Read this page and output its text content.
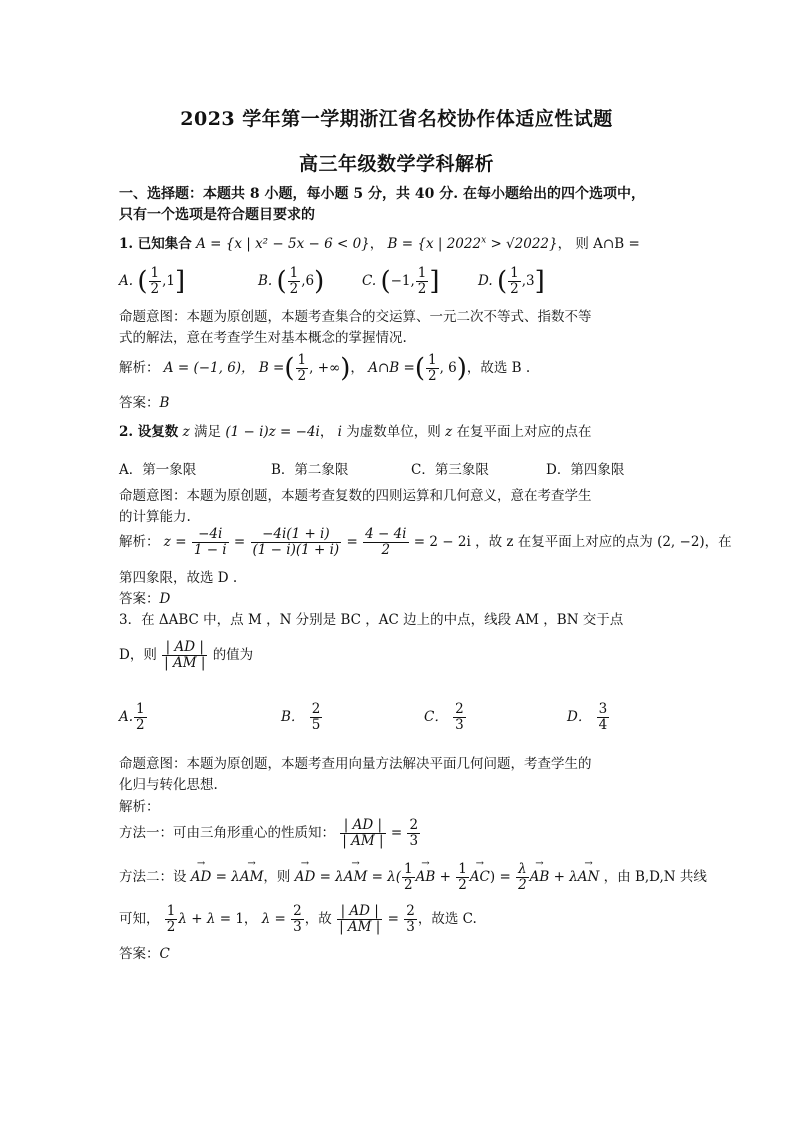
2023 学年第一学期浙江省名校协作体适应性试题
高三年级数学学科解析
一、选择题：本题共 8 小题，每小题 5 分，共 40 分. 在每小题给出的四个选项中，
只有一个选项是符合题目要求的
1. 已知集合 A = {x | x² − 5x − 6 < 0}， B = {x | $2022^x > √2022$}， 则 A∩B =
A. ( $\frac{1}{2} ,1$]	B. ( $\frac{1}{2} ,6$)	C. (−1, $\frac{1}{2}$ ]	D. ( $\frac{1}{2} ,3$]
命题意图：本题为原创题，本题考查集合的交运算、一元二次不等式、指数不等
式的解法，意在考查学生对基本概念的掌握情况.
解析： A = (−1, 6)， B =( $\frac{1}{2}$ , +∞)， A∩B =( $\frac{1}{2}$ , 6)，故选 B .
答案：B
2. 设复数 z 满足 (1 − i)z = −4i， i 为虚数单位，则 z 在复平面上对应的点在
A．第一象限	B．第二象限	C．第三象限	D．第四象限
命题意图：本题为原创题，本题考查复数的四则运算和几何意义，意在考查学生
的计算能力.
解析： $z = \frac{-4i}{1 - i} = \frac{-4i(1 + i)}{(1 - i)(1 + i)} = \frac{4 - 4i}{2} = 2 - 2i$ ，故 z 在复平面上对应的点为 (2, −2)，在
第四象限，故选 D .
答案：D
3．在 ΔABC 中，点 M ，N 分别是 BC ，AC 边上的中点，线段 AM ，BN 交于点
D，则 $\frac{| AD |}{| AM |}$ 的值为
A. $\frac{1}{2}$	B． $\frac{2}{5}$	C． $\frac{2}{3}$	D． $\frac{3}{4}$
命题意图：本题为原创题，本题考查用向量方法解决平面几何问题，考查学生的
化归与转化思想.
解析：
方法一：可由三角形重心的性质知： $\frac{| AD |}{| AM |} = \frac{2}{3}$
方法二：设 → AD = λ→ AM，则 → AD = λ→ AM = $\lambda( \frac{1}{2}$
→ AB + $\frac{1}{2}$
→ $AC) = \frac{\lambda}{2}$
→ AB + λ→ AN ，由 B,D,N 共线
可知， $\frac{1}{2}$ λ + λ = 1， $\lambda = \frac{2}{3}$ ，故 $\frac{| AD |}{| AM |} = \frac{2}{3}$ ，故选 C.
答案：C
